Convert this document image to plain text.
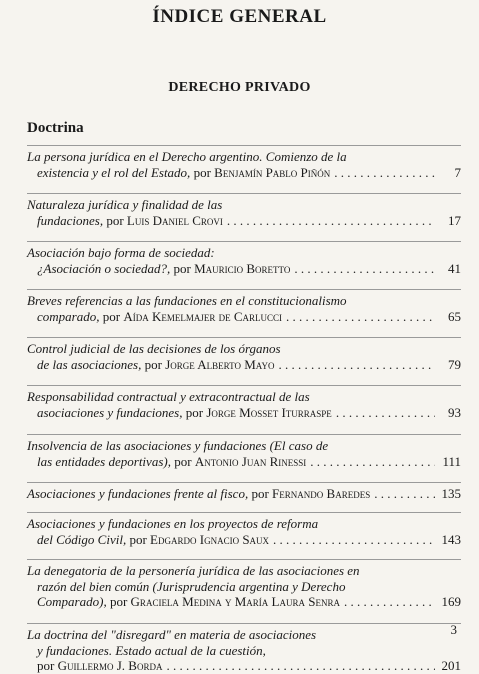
ÍNDICE GENERAL
DERECHO PRIVADO
Doctrina
La persona jurídica en el Derecho argentino. Comienzo de la
existencia y el rol del Estado,
por
Benjamín Pablo Piñón . . .	7
Naturaleza jurídica y finalidad de las
fundaciones,
por
Luis Daniel Crovi . . .	17
Asociación bajo forma de sociedad:
¿Asociación o sociedad?,
por
Mauricio Boretto . . .	41
Breves referencias a las fundaciones en el constitucionalismo
comparado,
por
Aída Kemelmajer de Carlucci . . .	65
Control judicial de las decisiones de los órganos
de las asociaciones,
por
Jorge Alberto Mayo . . .	79
Responsabilidad contractual y extracontractual de las
asociaciones y fundaciones,
por
Jorge Mosset Iturraspe . . .	93
Insolvencia de las asociaciones y fundaciones (El caso de
las entidades deportivas),
por
Antonio Juan Rinessi . . .	111
Asociaciones y fundaciones frente al fisco,
por
Fernando Baredes . . .	135
Asociaciones y fundaciones en los proyectos de reforma
del Código Civil,
por
Edgardo Ignacio Saux . . .	143
La denegatoria de la personería jurídica de las asociaciones en
razón del bien común (Jurisprudencia argentina y Derecho
Comparado),
por
Graciela Medina y María Laura Senra . . .	169
La doctrina del "disregard" en materia de asociaciones
y fundaciones. Estado actual de la cuestión,
por
Guillermo J. Borda . . .	201
3
